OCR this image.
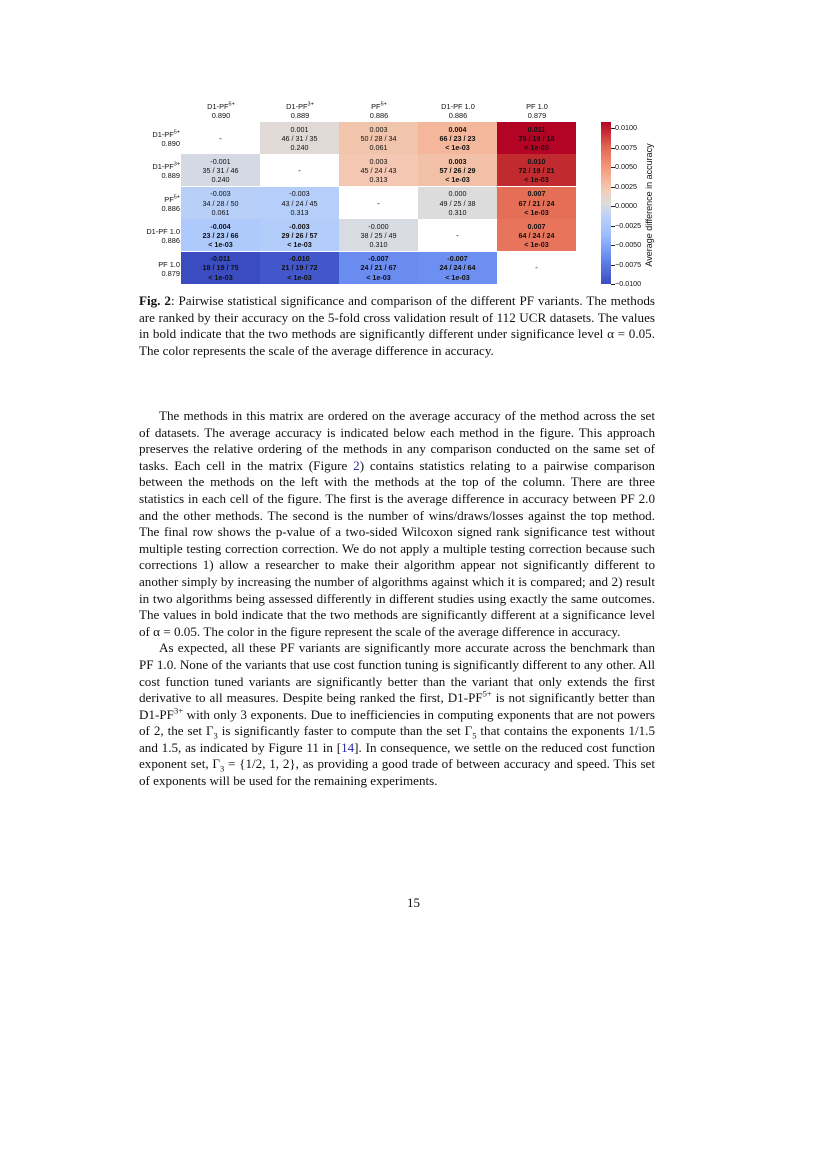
$D1-PF^{5+}$
0.890
$D1-PF^{3+}$
0.889
$PF^{5+}$
0.886
D1-PF 1.0
0.886
PF 1.0
0.879
$D1-PF^{5+}$
0.890
$D1-PF^{3+}$
0.889
$PF^{5+}$
0.886
D1-PF 1.0
0.886
PF 1.0
0.879
-
0.001
46 / 31 / 35
0.240
0.003
50 / 28 / 34
0.061
0.004
66 / 23 / 23
< 1e-03
0.011
75 / 19 / 18
< 1e-03
-0.001
35 / 31 / 46
0.240
-
0.003
45 / 24 / 43
0.313
0.003
57 / 26 / 29
< 1e-03
0.010
72 / 19 / 21
< 1e-03
-0.003
34 / 28 / 50
0.061
-0.003
43 / 24 / 45
0.313
-
0.000
49 / 25 / 38
0.310
0.007
67 / 21 / 24
< 1e-03
-0.004
23 / 23 / 66
< 1e-03
-0.003
29 / 26 / 57
< 1e-03
-0.000
38 / 25 / 49
0.310
-
0.007
64 / 24 / 24
< 1e-03
-0.011
18 / 19 / 75
< 1e-03
-0.010
21 / 19 / 72
< 1e-03
-0.007
24 / 21 / 67
< 1e-03
-0.007
24 / 24 / 64
< 1e-03
-
0.0100
0.0075
0.0050
0.0025
0.0000
−0.0025
−0.0050
−0.0075
−0.0100
Average difference in accuracy
Fig. 2: Pairwise statistical significance and comparison of the different PF variants. The methods are ranked by their accuracy on the 5-fold cross validation result of 112 UCR datasets. The values in bold indicate that the two methods are significantly different under significance level α = 0.05. The color represents the scale of the average difference in accuracy.

The methods in this matrix are ordered on the average accuracy of the method across the set of datasets. The average accuracy is indicated below each method in the figure. This approach preserves the relative ordering of the methods in any comparison conducted on the same set of tasks. Each cell in the matrix (Figure 2) contains statistics relating to a pairwise comparison between the methods on the left with the methods at the top of the column. There are three statistics in each cell of the figure. The first is the average difference in accuracy between PF 2.0 and the other methods. The second is the number of wins/draws/losses against the top method. The final row shows the p-value of a two-sided Wilcoxon signed rank significance test without multiple testing correction correction. We do not apply a multiple testing correction because such corrections 1) allow a researcher to make their algorithm appear not significantly different to another simply by increasing the number of algorithms against which it is compared; and 2) result in two algorithms being assessed differently in different studies using exactly the same outcomes. The values in bold indicate that the two methods are significantly different at a significance level of α = 0.05. The color in the figure represent the scale of the average difference in accuracy.

As expected, all these PF variants are significantly more accurate across the benchmark than PF 1.0. None of the variants that use cost function tuning is significantly different to any other. All cost function tuned variants are significantly better than the variant that only extends the first derivative to all measures. Despite being ranked the first, $D1-PF^{5+}$ is not significantly better than $D1-PF^{3+}$ with only 3 exponents. Due to inefficiencies in computing exponents that are not powers of 2, the set $\Gamma_3$ is significantly faster to compute than the set $\Gamma_5$ that contains the exponents 1/1.5 and 1.5, as indicated by Figure 11 in [14]. In consequence, we settle on the reduced cost function exponent set, $\Gamma_3 = \{1/2$, 1, 2}, as providing a good trade of between accuracy and speed. This set of exponents will be used for the remaining experiments.

15
